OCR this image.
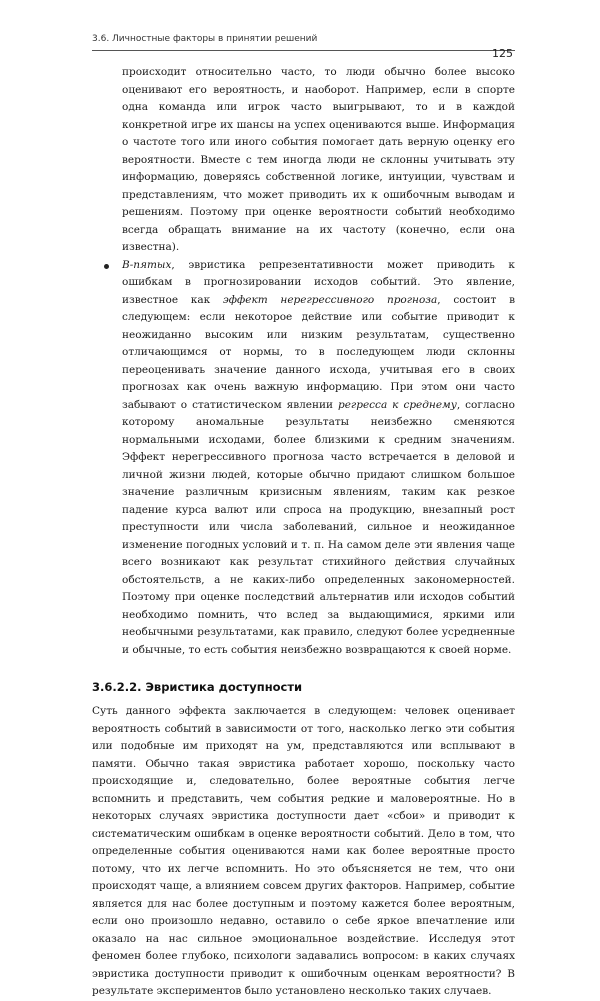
3.6. Личностные факторы в принятии решений
125

происходит относительно часто, то люди обычно более высоко оценивают его вероятность, и наоборот. Например, если в спорте одна команда или игрок часто выигрывают, то и в каждой конкретной игре их шансы на успех оцениваются выше. Информация о частоте того или иного события помогает дать верную оценку его вероятности. Вместе с тем иногда люди не склонны учитывать эту информацию, доверяясь собственной логике, интуиции, чувствам и представлениям, что может приводить их к ошибочным выводам и решениям. Поэтому при оценке вероятности событий необходимо всегда обращать внимание на их частоту (конечно, если она известна).

В-пятых, эвристика репрезентативности может приводить к ошибкам в прогнозировании исходов событий. Это явление, известное как эффект нерегрессивного прогноза, состоит в следующем: если некоторое действие или событие приводит к неожиданно высоким или низким результатам, существенно отличающимся от нормы, то в последующем люди склонны переоценивать значение данного исхода, учитывая его в своих прогнозах как очень важную информацию. При этом они часто забывают о статистическом явлении регресса к среднему, согласно которому аномальные результаты неизбежно сменяются нормальными исходами, более близкими к средним значениям. Эффект нерегрессивного прогноза часто встречается в деловой и личной жизни людей, которые обычно придают слишком большое значение различным кризисным явлениям, таким как резкое падение курса валют или спроса на продукцию, внезапный рост преступности или числа заболеваний, сильное и неожиданное изменение погодных условий и т. п. На самом деле эти явления чаще всего возникают как результат стихийного действия случайных обстоятельств, а не каких-либо определенных закономерностей. Поэтому при оценке последствий альтернатив или исходов событий необходимо помнить, что вслед за выдающимися, яркими или необычными результатами, как правило, следуют более усредненные и обычные, то есть события неизбежно возвращаются к своей норме.

3.6.2.2. Эвристика доступности

Суть данного эффекта заключается в следующем: человек оценивает вероятность событий в зависимости от того, насколько легко эти события или подобные им приходят на ум, представляются или всплывают в памяти. Обычно такая эвристика работает хорошо, поскольку часто происходящие и, следовательно, более вероятные события легче вспомнить и представить, чем события редкие и маловероятные. Но в некоторых случаях эвристика доступности дает «сбои» и приводит к систематическим ошибкам в оценке вероятности событий. Дело в том, что определенные события оцениваются нами как более вероятные просто потому, что их легче вспомнить. Но это объясняется не тем, что они происходят чаще, а влиянием совсем других факторов. Например, событие является для нас более доступным и поэтому кажется более вероятным, если оно произошло недавно, оставило о себе яркое впечатление или оказало на нас сильное эмоциональное воздействие. Исследуя этот феномен более глубоко, психологи задавались вопросом: в каких случаях эвристика доступности приводит к ошибочным оценкам вероятности? В результате экспериментов было установлено несколько таких случаев.
